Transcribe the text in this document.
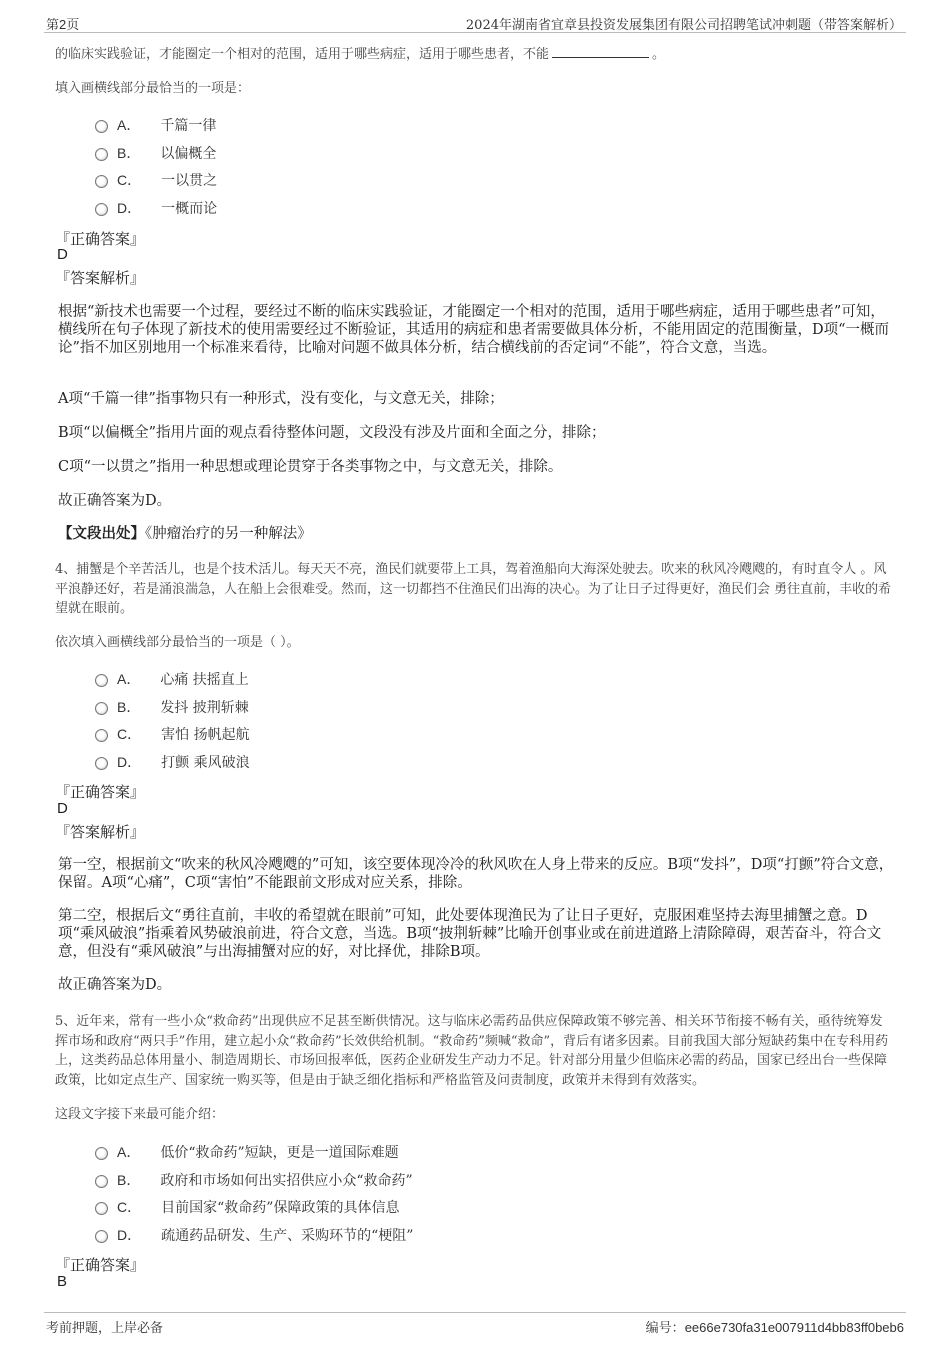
第2页	2024年湖南省宜章县投资发展集团有限公司招聘笔试冲刺题（带答案解析）
的临床实践验证，才能圈定一个相对的范围，适用于哪些病症，适用于哪些患者，不能	。
填入画横线部分最恰当的一项是：
A． 千篇一律
B． 以偏概全
C． 一以贯之
D． 一概而论
『正确答案』
D
『答案解析』
根据“新技术也需要一个过程，要经过不断的临床实践验证，才能圈定一个相对的范围，适用于哪些病症，适用于哪些患者”可知，横线所在句子体现了新技术的使用需要经过不断验证，其适用的病症和患者需要做具体分析，不能用固定的范围衡量，D项“一概而论”指不加区别地用一个标准来看待，比喻对问题不做具体分析，结合横线前的否定词“不能”，符合文意，当选。
A项“千篇一律”指事物只有一种形式，没有变化，与文意无关，排除；
B项“以偏概全”指用片面的观点看待整体问题，文段没有涉及片面和全面之分，排除；
C项“一以贯之”指用一种思想或理论贯穿于各类事物之中，与文意无关，排除。
故正确答案为D。
【文段出处】《肿瘤治疗的另一种解法》
4、捕蟹是个辛苦活儿，也是个技术活儿。每天天不亮，渔民们就要带上工具，驾着渔船向大海深处驶去。吹来的秋风冷飕飕的，有时直令人 。风平浪静还好，若是涌浪湍急，人在船上会很难受。然而，这一切都挡不住渔民们出海的决心。为了让日子过得更好，渔民们会 勇往直前，丰收的希望就在眼前。
依次填入画横线部分最恰当的一项是（ ）。
A． 心痛 扶摇直上
B． 发抖 披荆斩棘
C． 害怕 扬帆起航
D． 打颤 乘风破浪
『正确答案』
D
『答案解析』
第一空，根据前文“吹来的秋风冷飕飕的”可知，该空要体现冷冷的秋风吹在人身上带来的反应。B项“发抖”，D项“打颤”符合文意，保留。A项“心痛”，C项“害怕”不能跟前文形成对应关系，排除。
第二空，根据后文“勇往直前，丰收的希望就在眼前”可知，此处要体现渔民为了让日子更好，克服困难坚持去海里捕蟹之意。D项“乘风破浪”指乘着风势破浪前进，符合文意，当选。B项“披荆斩棘”比喻开创事业或在前进道路上清除障碍，艰苦奋斗，符合文意，但没有“乘风破浪”与出海捕蟹对应的好，对比择优，排除B项。
故正确答案为D。
5、近年来，常有一些小众“救命药”出现供应不足甚至断供情况。这与临床必需药品供应保障政策不够完善、相关环节衔接不畅有关，亟待统筹发挥市场和政府“两只手”作用，建立起小众“救命药”长效供给机制。“救命药”频喊“救命”，背后有诸多因素。目前我国大部分短缺药集中在专科用药上，这类药品总体用量小、制造周期长、市场回报率低，医药企业研发生产动力不足。针对部分用量少但临床必需的药品，国家已经出台一些保障政策，比如定点生产、国家统一购买等，但是由于缺乏细化指标和严格监管及问责制度，政策并未得到有效落实。
这段文字接下来最可能介绍：
A． 低价“救命药”短缺，更是一道国际难题
B． 政府和市场如何出实招供应小众“救命药”
C． 目前国家“救命药”保障政策的具体信息
D． 疏通药品研发、生产、采购环节的“梗阻”
『正确答案』
B
考前押题，上岸必备	编号：ee66e730fa31e007911d4bb83ff0beb6
